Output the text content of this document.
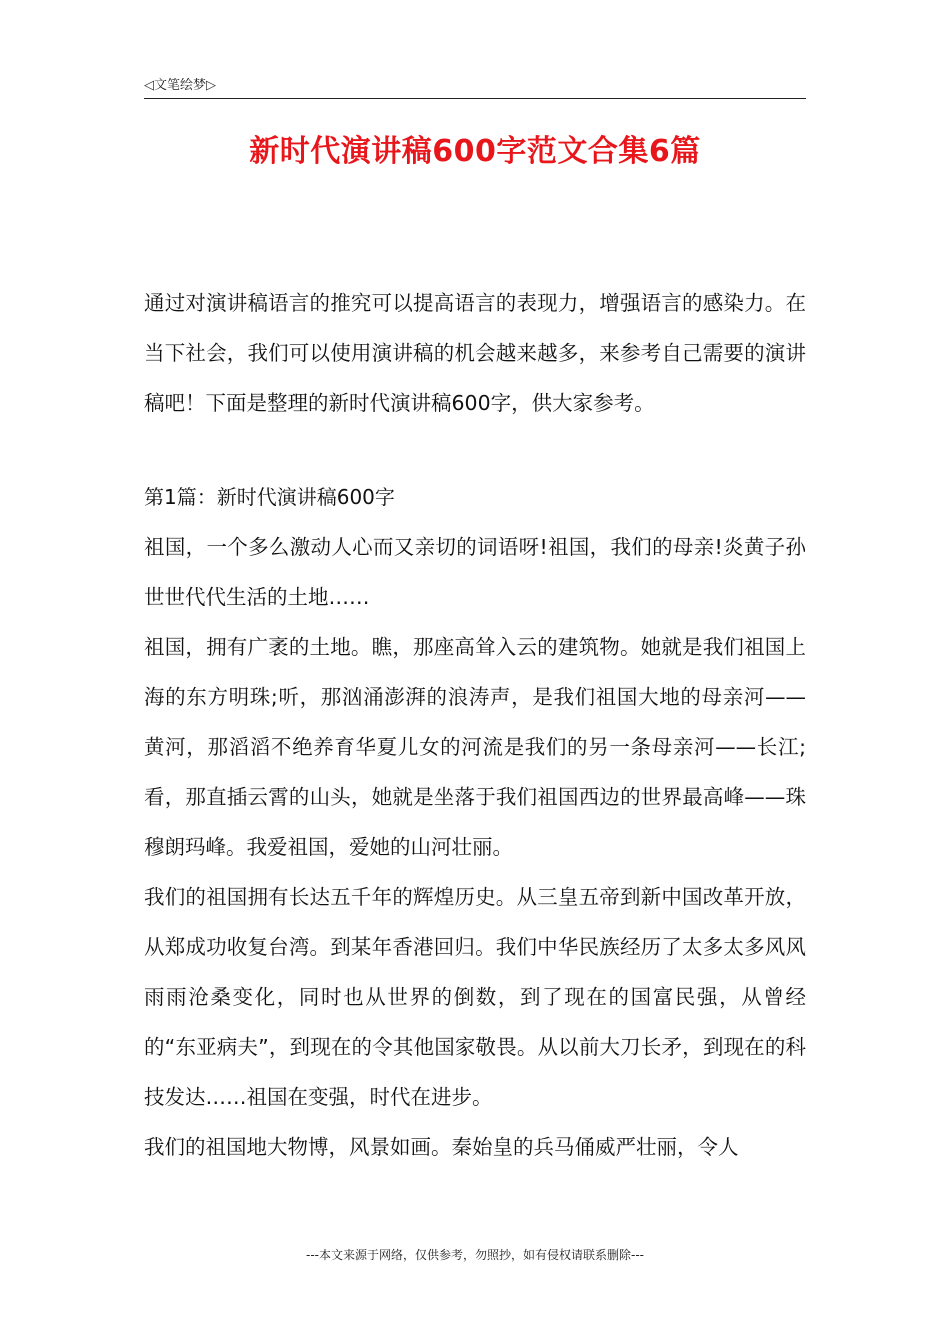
◁ 文笔绘梦 ▷
新时代演讲稿600字范文合集6篇

通过对演讲稿语言的推究可以提高语言的表现力，增强语言的感染力。在当下社会，我们可以使用演讲稿的机会越来越多，来参考自己需要的演讲稿吧！下面是整理的新时代演讲稿600字，供大家参考。

第1篇：新时代演讲稿600字

祖国，一个多么激动人心而又亲切的词语呀!祖国，我们的母亲!炎黄子孙世世代代生活的土地……

祖国，拥有广袤的土地。瞧，那座高耸入云的建筑物。她就是我们祖国上海的东方明珠;听，那汹涌澎湃的浪涛声，是我们祖国大地的母亲河——黄河，那滔滔不绝养育华夏儿女的河流是我们的另一条母亲河——长江;看，那直插云霄的山头，她就是坐落于我们祖国西边的世界最高峰——珠穆朗玛峰。我爱祖国，爱她的山河壮丽。

我们的祖国拥有长达五千年的辉煌历史。从三皇五帝到新中国改革开放，从郑成功收复台湾。到某年香港回归。我们中华民族经历了太多太多风风雨雨沧桑变化，同时也从世界的倒数，到了现在的国富民强，从曾经的“东亚病夫”，到现在的令其他国家敬畏。从以前大刀长矛，到现在的科技发达……祖国在变强，时代在进步。

我们的祖国地大物博，风景如画。秦始皇的兵马俑威严壮丽，令人

---本文来源于网络，仅供参考，勿照抄，如有侵权请联系删除---
